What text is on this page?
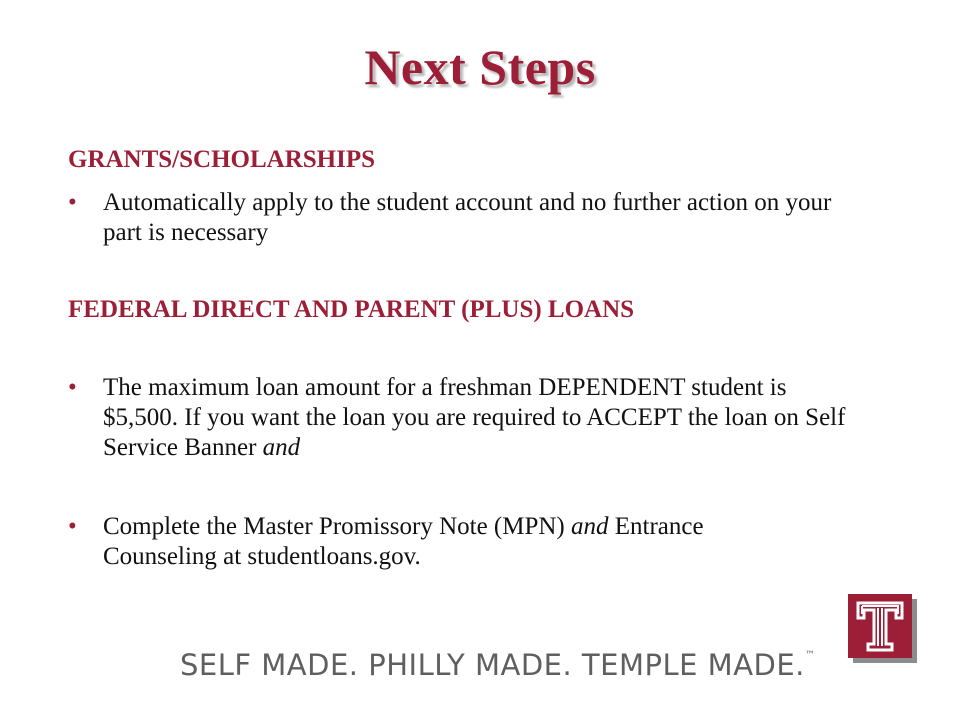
Next Steps
GRANTS/SCHOLARSHIPS
• Automatically apply to the student account and no further action on your part is necessary
FEDERAL DIRECT AND PARENT (PLUS) LOANS
• The maximum loan amount for a freshman DEPENDENT student is $5,500. If you want the loan you are required to ACCEPT the loan on Self Service Banner and
• Complete the Master Promissory Note (MPN) and Entrance Counseling at studentloans.gov.
SELF MADE. PHILLY MADE. TEMPLE MADE.™
